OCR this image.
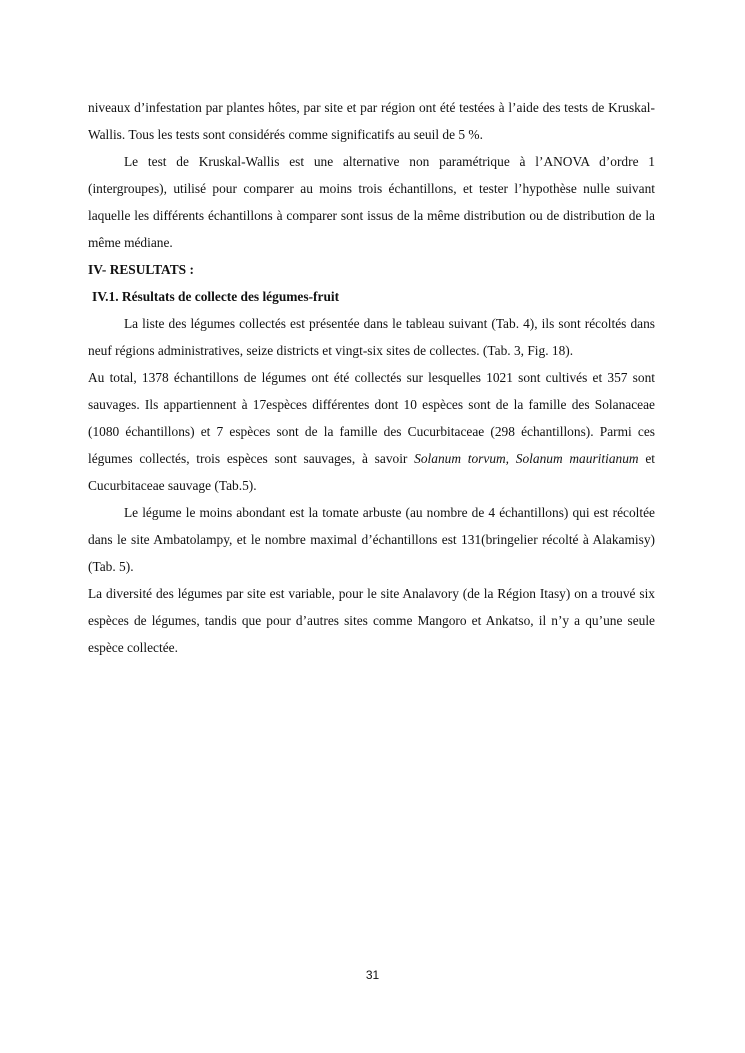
niveaux d’infestation par plantes hôtes, par site et par région ont été testées à l’aide des tests de Kruskal-Wallis. Tous les tests sont considérés comme significatifs au seuil de 5 %.

Le test de Kruskal-Wallis est une alternative non paramétrique à l’ANOVA d’ordre 1 (intergroupes), utilisé pour comparer au moins trois échantillons, et tester l’hypothèse nulle suivant laquelle les différents échantillons à comparer sont issus de la même distribution ou de distribution de la même médiane.

IV- RESULTATS :
IV.1. Résultats de collecte des légumes-fruit

La liste des légumes collectés est présentée dans le tableau suivant (Tab. 4), ils sont récoltés dans neuf régions administratives, seize districts et vingt-six sites de collectes. (Tab. 3, Fig. 18).

Au total, 1378 échantillons de légumes ont été collectés sur lesquelles 1021 sont cultivés et 357 sont sauvages. Ils appartiennent à 17espèces différentes dont 10 espèces sont de la famille des Solanaceae (1080 échantillons) et 7 espèces sont de la famille des Cucurbitaceae (298 échantillons). Parmi ces légumes collectés, trois espèces sont sauvages, à savoir Solanum torvum, Solanum mauritianum et Cucurbitaceae sauvage (Tab.5).

Le légume le moins abondant est la tomate arbuste (au nombre de 4 échantillons) qui est récoltée dans le site Ambatolampy, et le nombre maximal d’échantillons est 131(bringelier récolté à Alakamisy) (Tab. 5).

La diversité des légumes par site est variable, pour le site Analavory (de la Région Itasy) on a trouvé six espèces de légumes, tandis que pour d’autres sites comme Mangoro et Ankatso, il n’y a qu’une seule espèce collectée.

31
